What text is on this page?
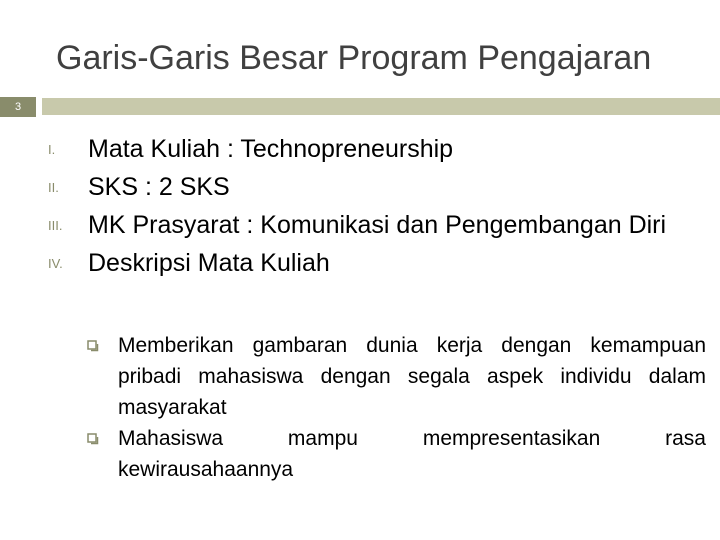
Garis-Garis Besar Program Pengajaran
3
I.	Mata Kuliah : Technopreneurship
II.	SKS : 2 SKS
III.	MK Prasyarat : Komunikasi dan Pengembangan Diri
IV.	Deskripsi Mata Kuliah
Memberikan gambaran dunia kerja dengan kemampuan pribadi mahasiswa dengan segala aspek individu dalam masyarakat
Mahasiswa mampu mempresentasikan rasa kewirausahaannya
